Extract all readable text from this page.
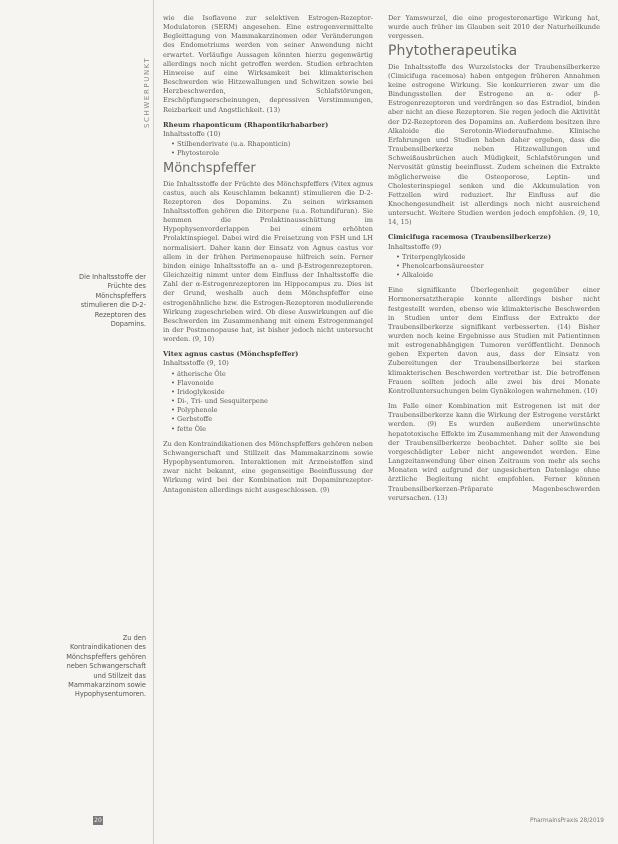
SCHWERPUNKT
Die Inhaltsstoffe der Früchte des Mönchspfeffers stimulieren die D-2-Rezeptoren des Dopamins.
Zu den Kontraindikationen des Mönchspfeffers gehören neben Schwangerschaft und Stillzeit das Mammakarzinom sowie Hypophysentumoren.

wie die Isoflavone zur selektiven Estrogen-Rezeptor-Modulatoren (SERM) angesehen. Eine estrogenvermittelte Begleittagung von Mammakarzinomen oder Veränderungen des Endometriums werden von seiner Anwendung nicht erwartet. Vorläufige Aussagen könnten hierzu gegenwärtig allerdings noch nicht getroffen werden. Studien erbrachten Hinweise auf eine Wirksamkeit bei klimakterischen Beschwerden wie Hitzewallungen und Schwitzen sowie bei Herzbeschwerden, Schlafstörungen, Erschöpfungserscheinungen, depressiven Verstimmungen, Reizbarkeit und Angstlichkeit. (13)

Rheum rhaponticum (Rhapontikrhabarber)
Inhaltsstoffe (10)
• Stilbenderivate (u.a. Rhaponticin)
• Phytosterole
Mönchspfeffer

Die Inhaltsstoffe der Früchte des Mönchspfeffers (Vitex agnus castus, auch als Keuschlamm bekannt) stimulieren die D-2-Rezeptoren des Dopamins. Zu seinen wirksamen Inhaltsstoffen gehören die Diterpene (u.a. Rotundifuran). Sie hemmen die Prolaktinausschüttung im Hypophysenvorderlappen bei einem erhöhten Prolaktinspiegel. Dabei wird die Freisetzung von FSH und LH normalisiert. Daher kann der Einsatz von Agnus castus vor allem in der frühen Perimenopause hilfreich sein. Ferner binden einige Inhaltsstoffe an α- und β-Estrogenrezeptoren. Gleichzeitig nimmt unter dem Einfluss der Inhaltsstoffe die Zahl der α-Estrogenrezeptoren im Hippocampus zu. Dies ist der Grund, weshalb auch dem Mönchspfeffer eine estrogenähnliche bzw. die Estrogen-Rezeptoren modulierende Wirkung zugeschrieben wird. Ob diese Auswirkungen auf die Beschwerden im Zusammenhang mit einem Estrogenmangel in der Postmenopause hat, ist bisher jedoch nicht untersucht worden. (9, 10)

Vitex agnus castus (Mönchspfeffer)
Inhaltsstoffe (9, 10)
• ätherische Öle
• Flavonoide
• Iridoglykoside
• Di-, Tri- und Sesquiterpene
• Polyphenole
• Gerbstoffe
• fette Öle

Zu den Kontraindikationen des Mönchspfeffers gehören neben Schwangerschaft und Stillzeit das Mammakarzinom sowie Hypophysentumoren. Interaktionen mit Arzneistoffen sind zwar nicht bekannt, eine gegenseitige Beeinflussung der Wirkung wird bei der Kombination mit Dopaminrezeptor-Antagonisten allerdings nicht ausgeschlossen. (9)

Der Yamswurzel, die eine progesteronartige Wirkung hat, wurde auch früher im Glauben seit 2010 der Naturheilkunde vergessen.

Phytotherapeutika

Die Inhaltsstoffe des Wurzelstocks der Traubensilberkerze (Cimicifuga racemosa) haben entgegen früheren Annahmen keine estrogene Wirkung. Sie konkurrieren zwar um die Bindungsstellen der Estrogene an α- oder β-Estrogenrezeptoren und verdrängen so das Estradiol, binden aber nicht an diese Rezeptoren. Sie regen jedoch die Aktivität der D2-Rezeptoren des Dopamins an. Außerdem besitzen ihre Alkaloide die Serotonin-Wiederaufnahme. Klinische Erfahrungen und Studien haben daher ergeben, dass die Traubensilberkerze neben Hitzewallungen und Schweißausbrüchen auch Müdigkeit, Schlafstörungen und Nervosität günstig beeinflusst. Zudem scheinen die Extrakte möglicherweise die Osteoporose, Leptin- und Cholesterinspiegel senken und die Akkumulation von Fettzellen wird reduziert. Ihr Einfluss auf die Knochengesundheit ist allerdings noch nicht ausreichend untersucht. Weitere Studien werden jedoch empfohlen. (9, 10, 14, 15)

Cimicifuga racemosa (Traubensilberkerze)
Inhaltsstoffe (9)
• Triterpenglykoside
• Phenolcarbonsäureester
• Alkaloide

Eine signifikante Überlegenheit gegenüber einer Hormonersatztherapie konnte allerdings bisher nicht festgestellt werden, ebenso wie klimakterische Beschwerden in Studien unter dem Einfluss der Extrakte der Traubensilberkerze signifikant verbesserten. (14) Bisher wurden noch keine Ergebnisse aus Studien mit Patientinnen mit estrogenabhängigen Tumoren veröffentlicht. Dennoch geben Experten davon aus, dass der Einsatz von Zubereitungen der Traubensilberkerze bei starken klimakterischen Beschwerden vertretbar ist. Die betroffenen Frauen sollten jedoch alle zwei bis drei Monate Kontrolluntersuchungen beim Gynäkologen wahrnehmen. (10)

Im Falle einer Kombination mit Estrogenen ist mit der Traubensilberkerze kann die Wirkung der Estrogene verstärkt werden. (9) Es wurden außerdem unerwünschte hepatotoxische Effekte im Zusammenhang mit der Anwendung der Traubensilberkerze beobachtet. Daher sollte sie bei vorgeschädigter Leber nicht angewendet werden. Eine Langzeitanwendung über einen Zeitraum von mehr als sechs Monaten wird aufgrund der ungesicherten Datenlage ohne ärztliche Begleitung nicht empfohlen. Ferner können Traubensilberkerzen-Präparate Magenbeschwerden verursachen. (13)

20	PharmaInsPraxis 28/2019
